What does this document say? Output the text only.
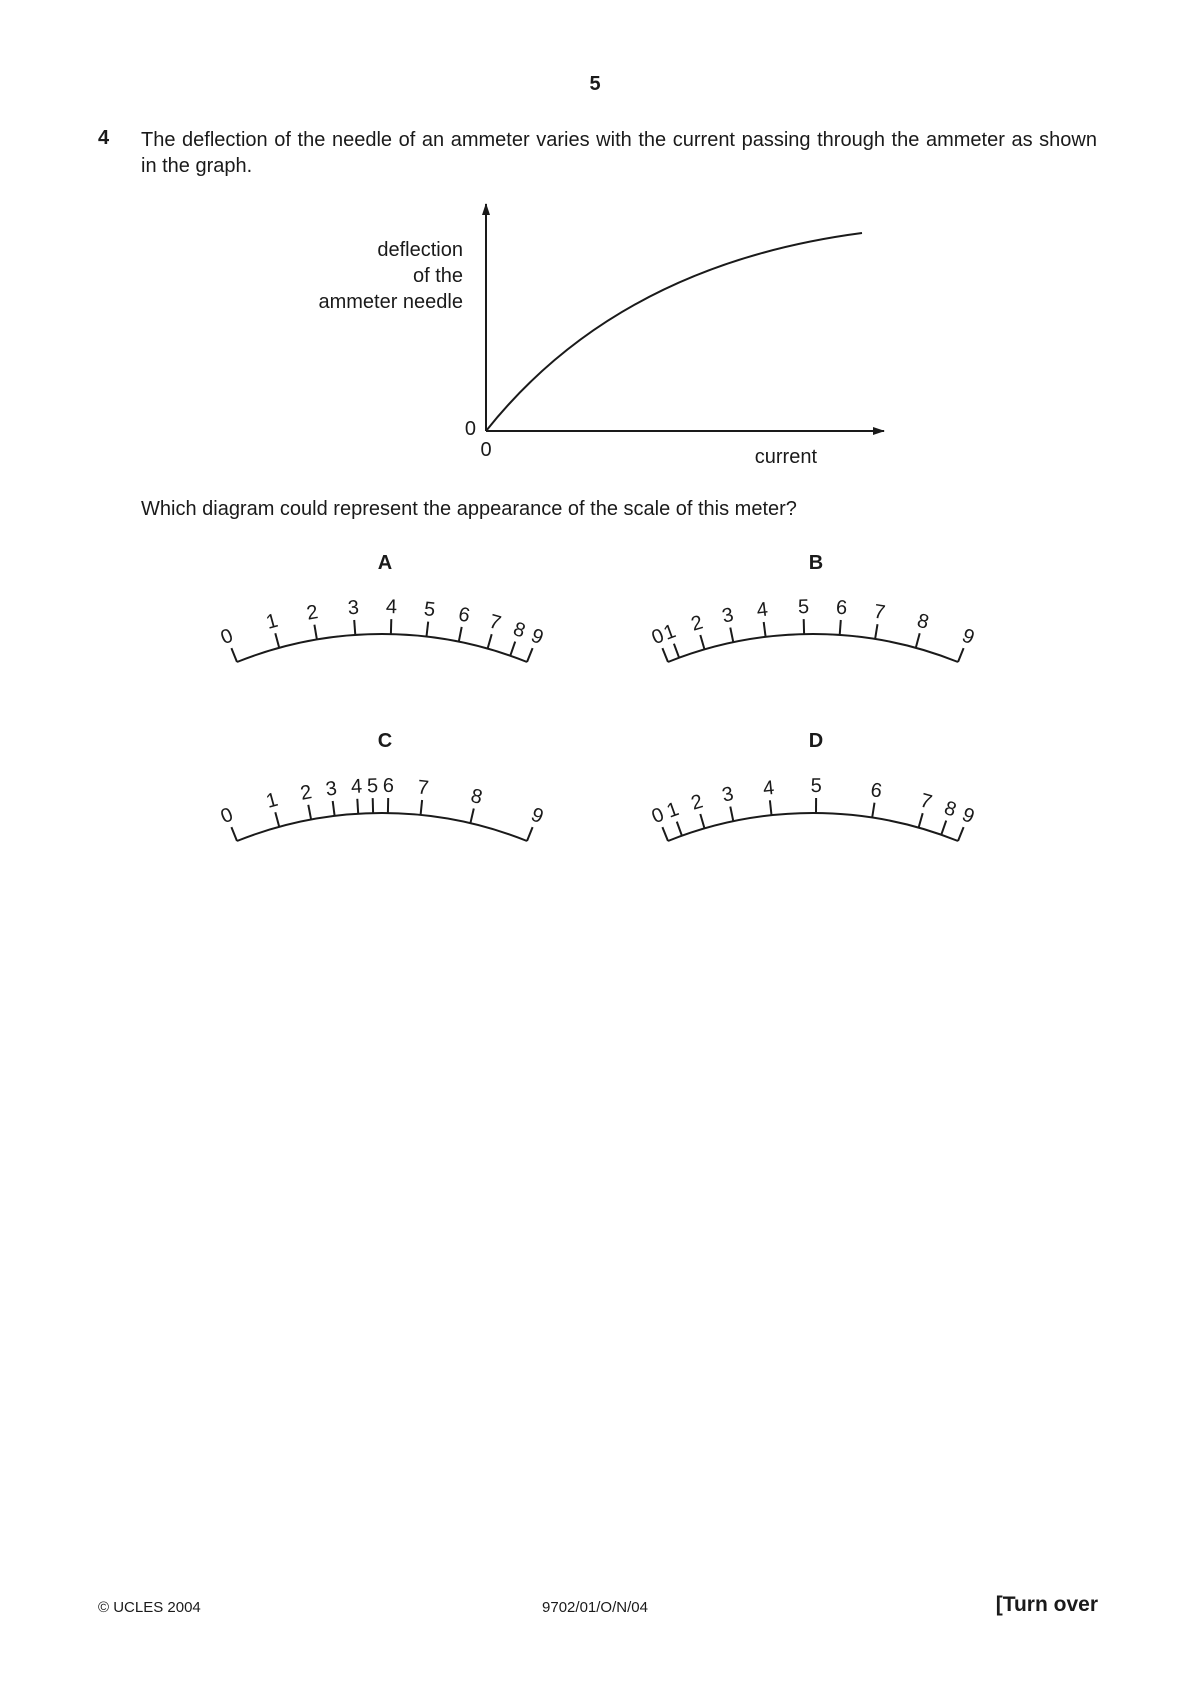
5
4 The deflection of the needle of an ammeter varies with the current passing through the ammeter as shown in the graph.
deflection
of the
ammeter needle
0
0	current
A
0
1 2 3 4 5 6 7 8 9
B
0
1 2 3 4 5 6 7 8
9
C
0
1 2 3 4 5 6 7 8
9
D
0
1 2 3 4 5 6 7 8 9
Which diagram could represent the appearance of the scale of this meter?
© UCLES 2004	9702/01/O/N/04	[Turn over
